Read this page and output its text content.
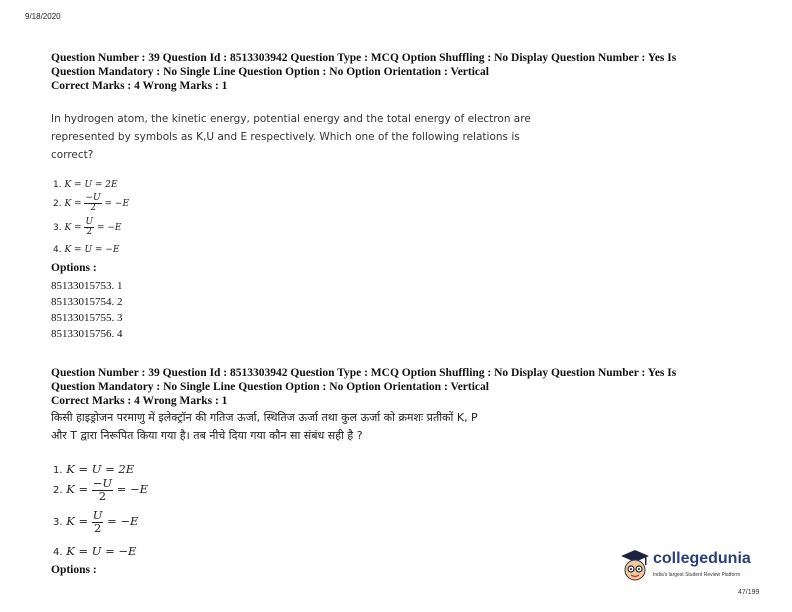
9/18/2020
Question Number : 39 Question Id : 8513303942 Question Type : MCQ Option Shuffling : No Display Question Number : Yes Is
Question Mandatory : No Single Line Question Option : No Option Orientation : Vertical
Correct Marks : 4 Wrong Marks : 1
In hydrogen atom, the kinetic energy, potential energy and the total energy of electron are
represented by symbols as K,U and E respectively. Which one of the following relations is
correct?
1. K = U = 2E
2. $K = \frac{-U}{2} = -E$
3. $K = \frac{U}{2} = -E$
4. K = U = −E
Options :
85133015753. 1
85133015754. 2
85133015755. 3
85133015756. 4
Question Number : 39 Question Id : 8513303942 Question Type : MCQ Option Shuffling : No Display Question Number : Yes Is
Question Mandatory : No Single Line Question Option : No Option Orientation : Vertical
Correct Marks : 4 Wrong Marks : 1
किसी हाइड्रोजन परमाणु में इलेक्ट्रॉन की गतिज ऊर्जा, स्थितिज ऊर्जा तथा कुल ऊर्जा को क्रमशः प्रतीकों K, P
और T द्वारा निरूपित किया गया है। तब नीचे दिया गया कौन सा संबंध सही है ?
1. K = U = 2E
2. $K = \frac{-U}{2} = -E$
3. $K = \frac{U}{2} = -E$
4. K = U = −E
Options :
collegedunia
India's largest Student Review Platform
47/199
